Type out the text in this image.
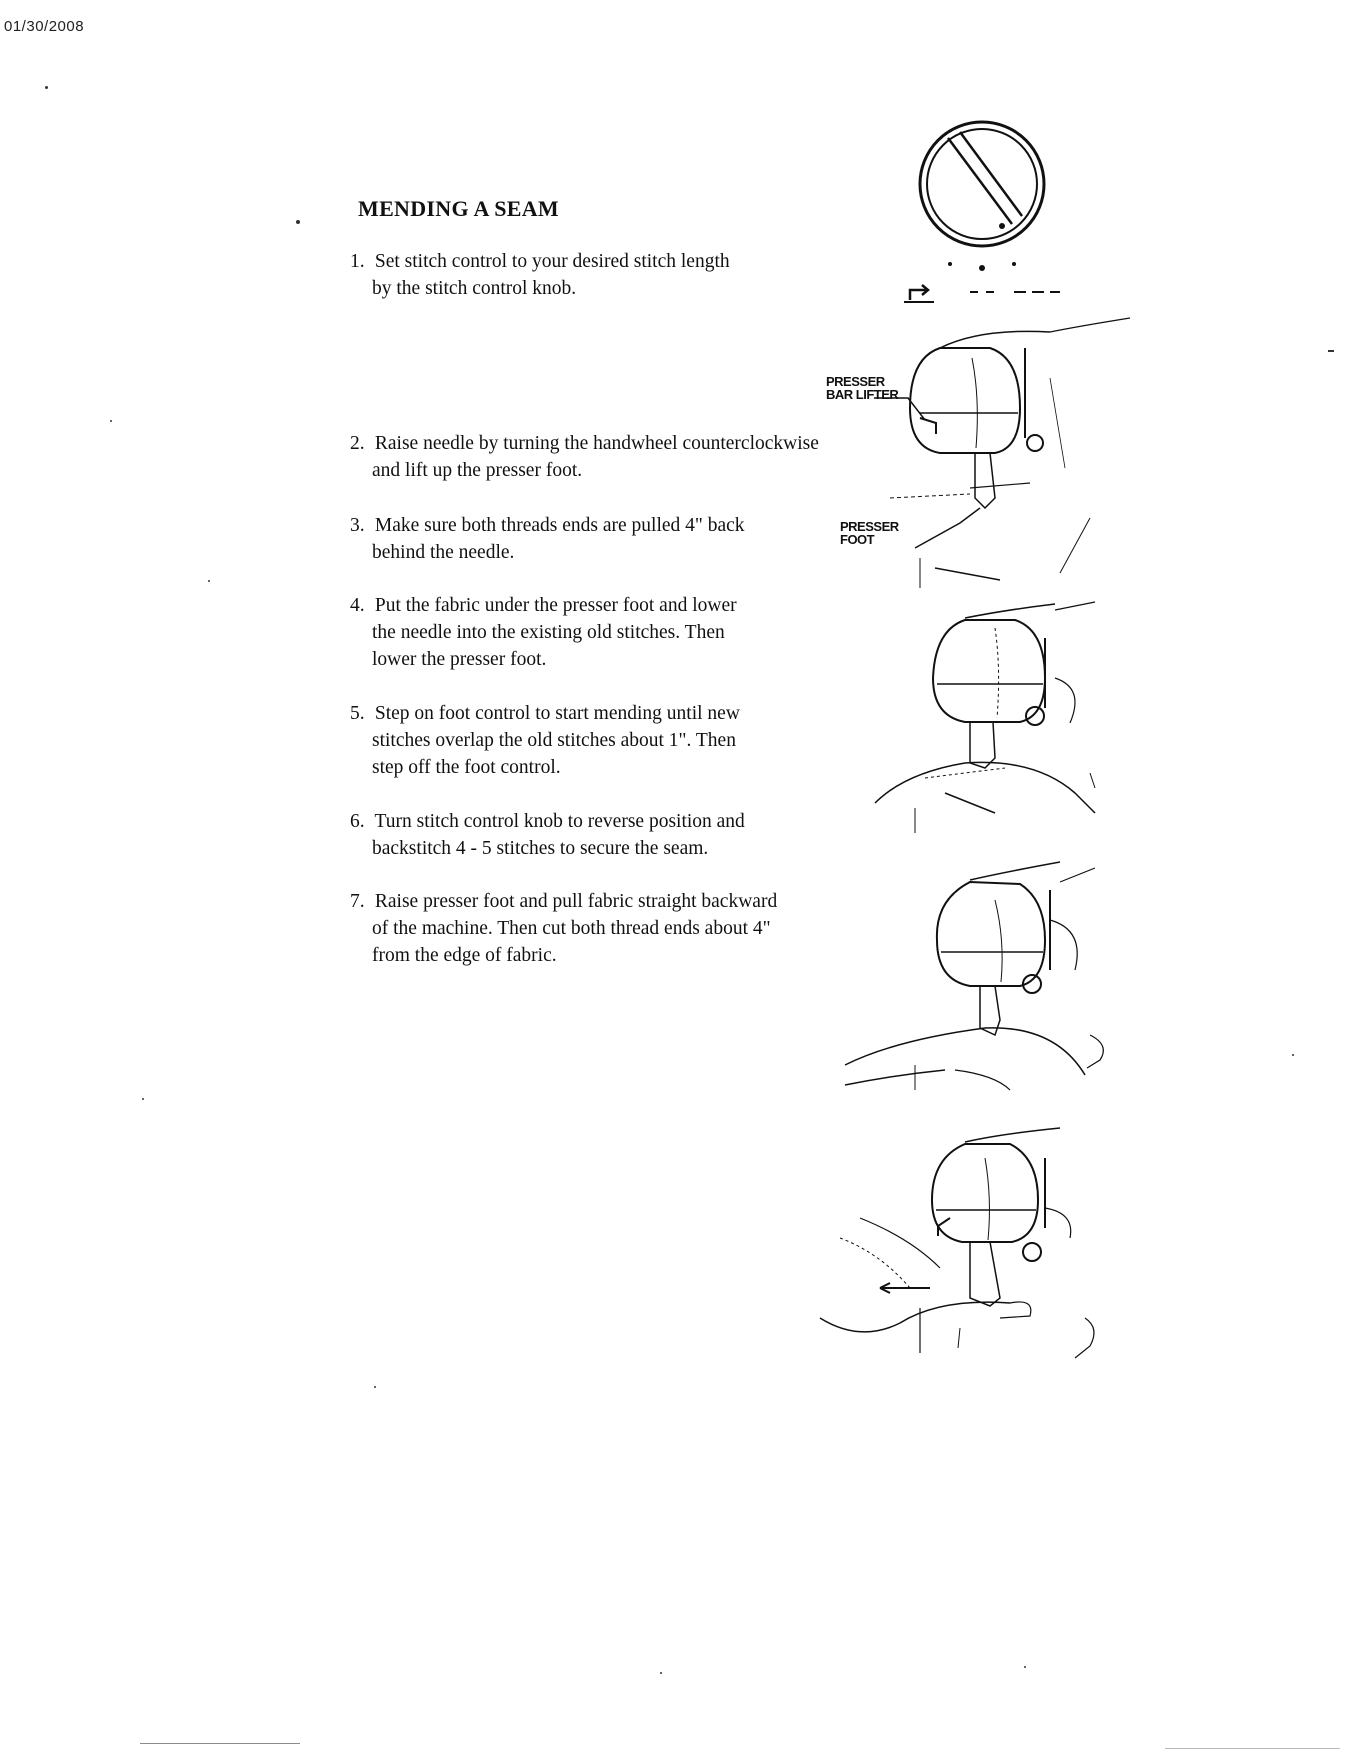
01/30/2008
MENDING A SEAM
1. Set stitch control to your desired stitch length
by the stitch control knob.
2. Raise needle by turning the handwheel counterclockwise
and lift up the presser foot.
3. Make sure both threads ends are pulled 4" back
behind the needle.
4. Put the fabric under the presser foot and lower
the needle into the existing old stitches. Then
lower the presser foot.
5. Step on foot control to start mending until new
stitches overlap the old stitches about 1". Then
step off the foot control.
6. Turn stitch control knob to reverse position and
backstitch 4 - 5 stitches to secure the seam.
7. Raise presser foot and pull fabric straight backward
of the machine. Then cut both thread ends about 4"
from the edge of fabric.
PRESSER
BAR LIFTER
PRESSER
FOOT
